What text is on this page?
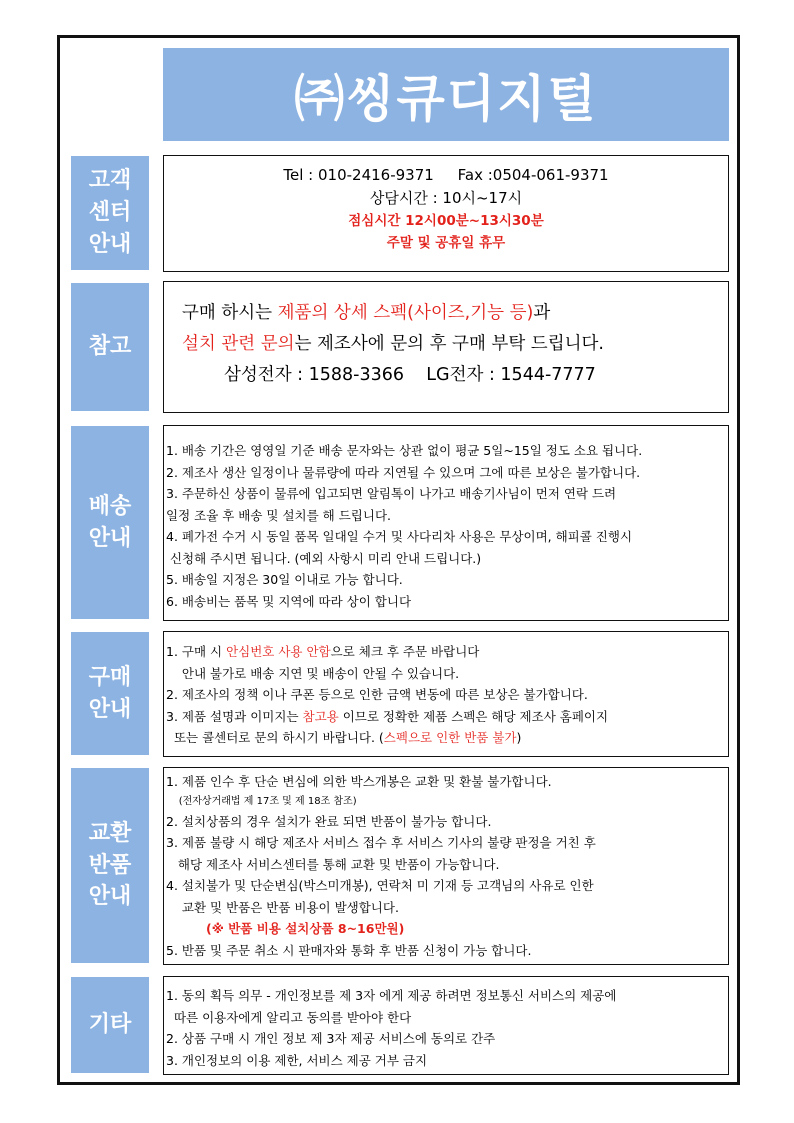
㈜씽큐디지털
고객
센터
안내
Tel : 010-2416-9371     Fax :0504-061-9371
상담시간 : 10시~17시
점심시간 12시00분~13시30분
주말 및 공휴일 휴무
참고
구매 하시는 제품의 상세 스펙(사이즈,기능 등)과
설치 관련 문의는 제조사에 문의 후 구매 부탁 드립니다.
삼성전자 : 1588-3366    LG전자 : 1544-7777
배송
안내
1. 배송 기간은 영영일 기준 배송 문자와는 상관 없이 평균 5일~15일 정도 소요 됩니다.
2. 제조사 생산 일정이나 물류량에 따라 지연될 수 있으며 그에 따른 보상은 불가합니다.
3. 주문하신 상품이 물류에 입고되면 알림톡이 나가고 배송기사님이 먼저 연락 드려
일정 조율 후 배송 및 설치를 해 드립니다.
4. 폐가전 수거 시 동일 품목 일대일 수거 및 사다리차 사용은 무상이며, 해피콜 진행시
신청해 주시면 됩니다. (예외 사항시 미리 안내 드립니다.)
5. 배송일 지정은 30일 이내로 가능 합니다.
6. 배송비는 품목 및 지역에 따라 상이 합니다
구매
안내
1. 구매 시 안심번호 사용 안함으로 체크 후 주문 바랍니다
안내 불가로 배송 지연 및 배송이 안될 수 있습니다.
2. 제조사의 정책 이나 쿠폰 등으로 인한 금액 변동에 따른 보상은 불가합니다.
3. 제품 설명과 이미지는 참고용 이므로 정확한 제품 스펙은 해당 제조사 홈페이지
또는 콜센터로 문의 하시기 바랍니다. (스펙으로 인한 반품 불가)
교환
반품
안내
1. 제품 인수 후 단순 변심에 의한 박스개봉은 교환 및 환불 불가합니다.
(전자상거래법 제 17조 및 제 18조 참조)
2. 설치상품의 경우 설치가 완료 되면 반품이 불가능 합니다.
3. 제품 불량 시 해당 제조사 서비스 접수 후 서비스 기사의 불량 판정을 거친 후
해당 제조사 서비스센터를 통해 교환 및 반품이 가능합니다.
4. 설치불가 및 단순변심(박스미개봉), 연락처 미 기재 등 고객님의 사유로 인한
교환 및 반품은 반품 비용이 발생합니다.
(※ 반품 비용 설치상품 8~16만원)
5. 반품 및 주문 취소 시 판매자와 통화 후 반품 신청이 가능 합니다.
기타
1. 동의 획득 의무 - 개인정보를 제 3자 에게 제공 하려면 정보통신 서비스의 제공에
따른 이용자에게 알리고 동의를 받아야 한다
2. 상품 구매 시 개인 정보 제 3자 제공 서비스에 동의로 간주
3. 개인정보의 이용 제한, 서비스 제공 거부 금지
